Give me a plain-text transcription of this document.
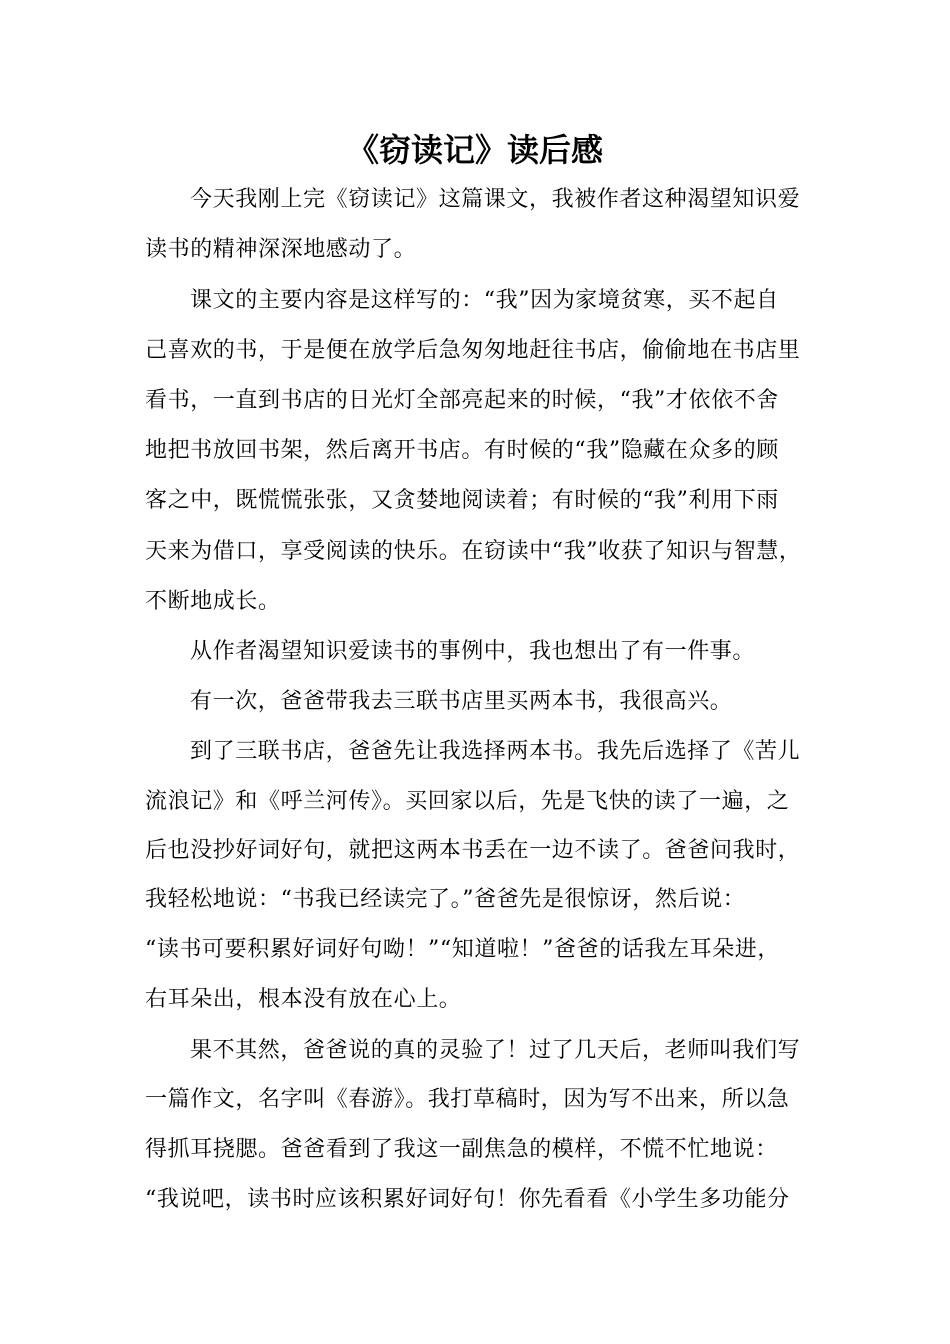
《窃读记》读后感
今天我刚上完《窃读记》这篇课文，我被作者这种渴望知识爱
读书的精神深深地感动了。
课文的主要内容是这样写的：“我”因为家境贫寒，买不起自
己喜欢的书，于是便在放学后急匆匆地赶往书店，偷偷地在书店里
看书，一直到书店的日光灯全部亮起来的时候，“我”才依依不舍
地把书放回书架，然后离开书店。有时候的“我”隐藏在众多的顾
客之中，既慌慌张张，又贪婪地阅读着；有时候的“我”利用下雨
天来为借口，享受阅读的快乐。在窃读中“我”收获了知识与智慧，
不断地成长。
从作者渴望知识爱读书的事例中，我也想出了有一件事。
有一次，爸爸带我去三联书店里买两本书，我很高兴。
到了三联书店，爸爸先让我选择两本书。我先后选择了《苦儿
流浪记》和《呼兰河传》。买回家以后，先是飞快的读了一遍，之
后也没抄好词好句，就把这两本书丢在一边不读了。爸爸问我时，
我轻松地说：“书我已经读完了。”爸爸先是很惊讶，然后说：
“读书可要积累好词好句呦！”“知道啦！”爸爸的话我左耳朵进，
右耳朵出，根本没有放在心上。
果不其然，爸爸说的真的灵验了！过了几天后，老师叫我们写
一篇作文，名字叫《春游》。我打草稿时，因为写不出来，所以急
得抓耳挠腮。爸爸看到了我这一副焦急的模样，不慌不忙地说：
“我说吧，读书时应该积累好词好句！你先看看《小学生多功能分
